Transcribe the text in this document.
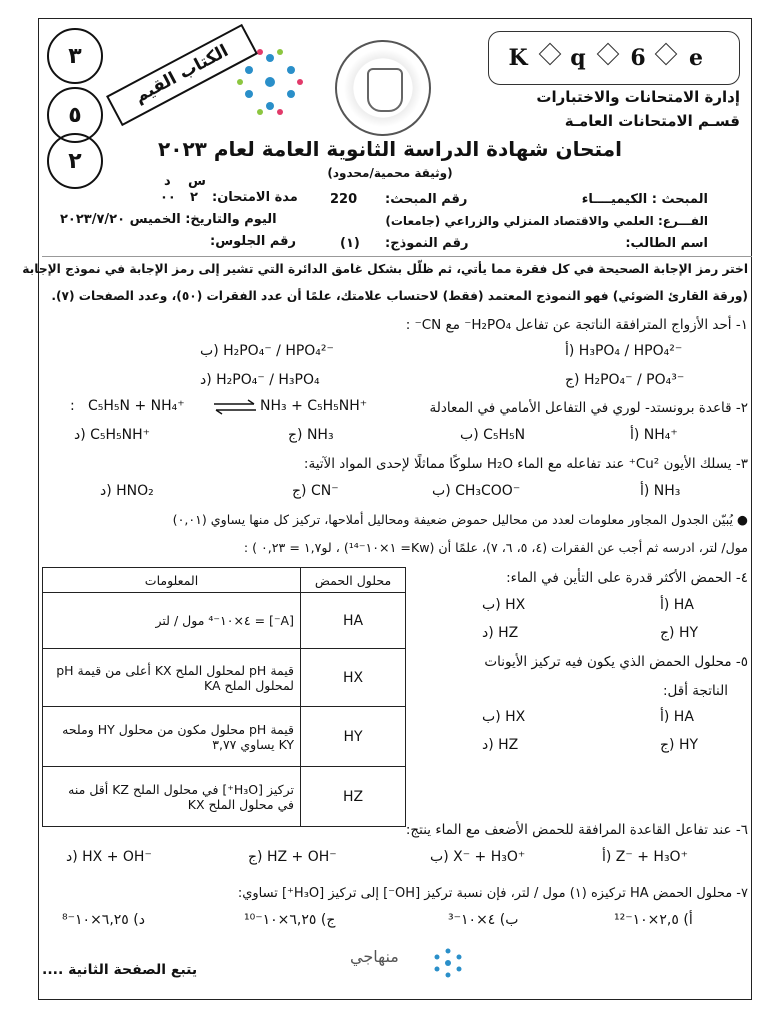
٣
٥
٢
الكتاب القيم	K q 6 e
إدارة الامتحانات والاختبارات
قسـم الامتحانات العامـة
امتحان شهادة الدراسة الثانوية العامة لعام ٢٠٢٣
(وثيقة محمية/محدود)
مدة الامتحان:
د س
٠٠ ٢	المبحث : الكيميــــاء
رقم المبحث:
220
الفـــرع: العلمي والاقتصاد المنزلي والزراعي (جامعات)
اليوم والتاريخ: الخميس ٢٠٢٣/٧/٢٠
اسم الطالب:
رقم النموذج:
(١)
رقم الجلوس:
اختر رمز الإجابة الصحيحة في كل فقرة مما يأتي، ثم ظلّل بشكل غامق الدائرة التي تشير إلى رمز الإجابة في نموذج الإجابة
(ورقة القارئ الضوئي) فهو النموذج المعتمد (فقط) لاحتساب علامتك، علمًا أن عدد الفقرات (٥٠)، وعدد الصفحات (٧).
١- أحد الأزواج المترافقة الناتجة عن تفاعل H₂PO₄⁻ مع CN⁻ :
أ) H₃PO₄ / HPO₄²⁻
ب) H₂PO₄⁻ / HPO₄²⁻
ج) H₂PO₄⁻ / PO₄³⁻
د) H₂PO₄⁻ / H₃PO₄
٢- قاعدة برونستد- لوري في التفاعل الأمامي في المعادلة
C₅H₅N + NH₄⁺ ⇌ NH₃ + C₅H₅NH⁺
:
أ) NH₄⁺
ب) C₅H₅N
ج) NH₃
د) C₅H₅NH⁺
٣- يسلك الأيون Cu²⁺ عند تفاعله مع الماء H₂O سلوكًا مماثلًا لإحدى المواد الآتية:
أ) NH₃
ب) CH₃COO⁻
ج) CN⁻
د) HNO₂
● يُبيّن الجدول المجاور معلومات لعدد من محاليل حموض ضعيفة ومحاليل أملاحها، تركيز كل منها يساوي (٠,٠١)
مول/ لتر، ادرسه ثم أجب عن الفقرات (٤، ٥، ٦، ٧)، علمًا أن (Kw= ١×١٠⁻¹⁴) ، لو١,٧ = ٠,٢٣ ) :
محلول الحمض	المعلومات
HA	[A⁻] = ٤×١٠⁻⁴ مول / لتر
HX	قيمة pH لمحلول الملح KX أعلى من قيمة pH لمحلول الملح KA
HY	قيمة pH محلول مكون من محلول HY وملحه KY يساوي ٣,٧٧
HZ	تركيز [H₃O⁺] في محلول الملح KZ أقل منه في محلول الملح KX
٤- الحمض الأكثر قدرة على التأين في الماء:
أ) HA
ب) HX
ج) HY
د) HZ
٥- محلول الحمض الذي يكون فيه تركيز الأيونات
الناتجة أقل:
أ) HA
ب) HX
ج) HY
د) HZ
٦- عند تفاعل القاعدة المرافقة للحمض الأضعف مع الماء ينتج:
أ) Z⁻ + H₃O⁺
ب) X⁻ + H₃O⁺
ج) HZ + OH⁻
د) HX + OH⁻
٧- محلول الحمض HA تركيزه (١) مول / لتر، فإن نسبة تركيز [OH⁻] إلى تركيز [H₃O⁺] تساوي:
أ) ٢,٥×١٠⁻¹²
ب) ٤×١٠⁻³
ج) ٦,٢٥×١٠⁻¹⁰
د) ٦,٢٥×١٠⁻⁸
منهاجي
يتبع الصفحة الثانية ....
